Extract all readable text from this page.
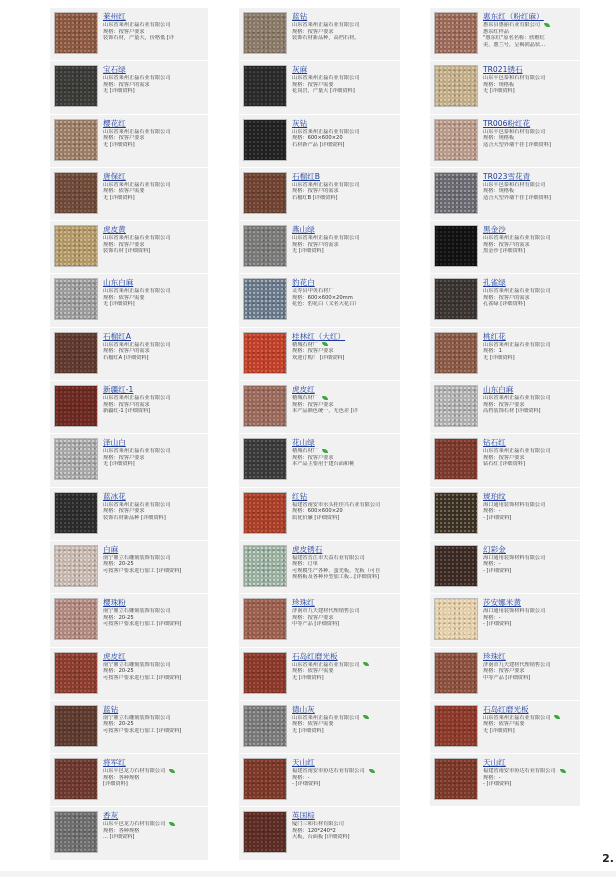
莱州红
山东省莱州正磊石业有限公司
规格：按客户要求
装饰石材，产量大，价格低 [详
宝石绿
山东省莱州正磊石业有限公司
规格：按客户的需求
无 [详细资料]
樱花红
山东省莱州正磊石业有限公司
规格：按客户要求
无 [详细资料]
唐保红
山东省莱州正磊石业有限公司
规格：依客户需要
无 [详细资料]
虎皮黄
山东省莱州正磊石业有限公司
规格：按客户要求
装饰石材 [详细资料]
山东白麻
山东省莱州正磊石业有限公司
规格：依客户需要
无 [详细资料]
石榴红A
山东省莱州正磊石业有限公司
规格：按客户的需求
石榴红A [详细资料]
新疆红-1
山东省莱州正磊石业有限公司
规格：按客户的需求
新疆红-1 [详细资料]
泽山白
山东省莱州正磊石业有限公司
规格：按客户要求
无 [详细资料]
蓝冰花
山东省莱州正磊石业有限公司
规格：按客户要求
装饰石材新品种 [详细资料]
白麻
南宁鼎立石雕刻装饰有限公司
规格：20-25
可按客户要求进行加工 [详细资料]
樱珠粉
南宁鼎立石雕刻装饰有限公司
规格：20-25
可按客户要求进行加工 [详细资料]
虎皮红
南宁鼎立石雕刻装饰有限公司
规格：20-25
可按客户要求进行加工 [详细资料]
蓝钻
南宁鼎立石雕刻装饰有限公司
规格：20-25
可按客户要求进行加工 [详细资料]
将军红
山东平邑龙力石材有限公司
规格：各种规格
[详细资料]
香灰
山东平邑龙力石材有限公司
规格：各种规格
... [详细资料]
蓝钻
山东省莱州正磊石业有限公司
规格：按客户要求
装饰石材新品种，高档石材。
灰麻
山东省莱州正磊石业有限公司
规格：按客户需要
花岗岩，产量大 [详细资料]
灰钻
山东省莱州正磊石业有限公司
规格：600×600×20
石材新产品 [详细资料]
石榴红B
山东省莱州正磊石业有限公司
规格：按客户的需求
石榴红B [详细资料]
燕山绿
山东省莱州正磊石业有限公司
规格：按客户的需求
无 [详细资料]
豹花白
灵寿县中英石材厂
规格：600×600×20mm
花色：豹花白（又名大花白）
桂林红（大红）
楂城石材厂
规格：按客户要求
欢迎订购！ [详细资料]
虎皮红
楂城石材厂
规格：按客户要求
本产品颜色统一，无色差 [详
花山绿
楂城石材厂
规格：按客户要求
本产品主要用于建台面和桃
红钻
福建省南安市水头桂佳兴石业有限公司
规格：600×600×20
质优价廉 [详细资料]
虎皮锈石
福建省晋江市天益石业有限公司
规格：订单
可规模生产各种、蛮光板，光板（可自
规格板及各种异型加工板…[详细资料]
珍珠红
济南市九天建材代理销售公司
规格：按客户要求
中等产品 [详细资料]
石岛红磨光板
山东省莱州正磊石业有限公司
规格：依客户需要
无 [详细资料]
德山灰
山东省莱州正磊石业有限公司
规格：依客户需要
无 [详细资料]
天山红
福建省南安市协达石业有限公司
规格：-
- [详细资料]
英国棕
厦门三和石材有限公司
规格：120*240*2
大板，台面板 [详细资料]
惠东红（粉红麻）
惠东县惠丽石业有限公司
惠东红样品
"惠东红"原名名称：欣维红
美，蕙兰号，呈褐润晶状…
TR021锈石
山东平邑泰和石材有限公司
规格：规格板
无 [详细资料]
TR006粉红花
山东平邑泰和石材有限公司
规格：规格板
适合大型外墙干挂 [详细资料]
TR023雪花青
山东平邑泰和石材有限公司
规格：规格板
适合大型外墙干挂 [详细资料]
黑金沙
山东省莱州正磊石业有限公司
规格：按客户的需求
黑金沙 [详细资料]
孔雀绿
山东省莱州正磊石业有限公司
规格：按客户的需求
孔雀绿 [详细资料]
桃红花
山东省莱州正磊石业有限公司
规格：1
无 [详细资料]
山东白麻
山东省莱州正磊石业有限公司
规格：按客户要求
高档装饰石材 [详细资料]
钻石红
山东省莱州正磊石业有限公司
规格：按客户要求
钻石红 [详细资料]
琥珀纹
海口通用装饰材料有限公司
规格：-
- [详细资料]
幻彩金
海口通用装饰材料有限公司
规格：-
- [详细资料]
莎安娜米黄
海口通用装饰材料有限公司
规格：-
- [详细资料]
珍珠红
济南市九天建材代理销售公司
规格：按客户要求
中等产品 [详细资料]
石岛红磨光板
山东省莱州正磊石业有限公司
规格：依客户需要
无 [详细资料]
天山红
福建省南安市协达石业有限公司
规格：-
- [详细资料]
2.
